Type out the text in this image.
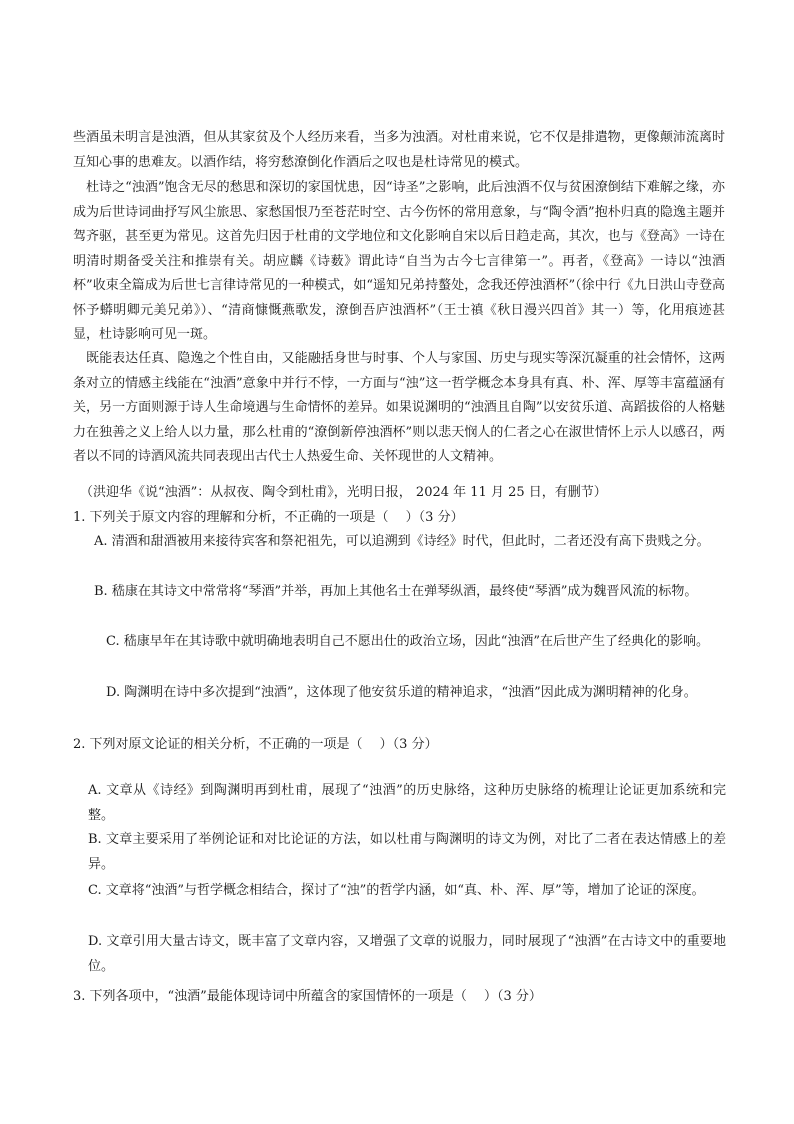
些酒虽未明言是浊酒，但从其家贫及个人经历来看，当多为浊酒。对杜甫来说，它不仅是排遣物，更像颠沛流离时互知心事的患难友。以酒作结，将穷愁潦倒化作酒后之叹也是杜诗常见的模式。

　杜诗之“浊酒”饱含无尽的愁思和深切的家国忧患，因“诗圣”之影响，此后浊酒不仅与贫困潦倒结下难解之缘，亦成为后世诗词曲抒写风尘旅思、家愁国恨乃至苍茫时空、古今伤怀的常用意象，与“陶令酒”抱朴归真的隐逸主题并驾齐驱，甚至更为常见。这首先归因于杜甫的文学地位和文化影响自宋以后日趋走高，其次，也与《登高》一诗在明清时期备受关注和推崇有关。胡应麟《诗薮》谓此诗“自当为古今七言律第一”。再者，《登高》一诗以“浊酒杯”收束全篇成为后世七言律诗常见的一种模式，如“遥知兄弟持螯处，念我还停浊酒杯”（徐中行《九日洪山寺登高怀予蟒明卿元美兄弟》）、“清商慷慨燕歌发，潦倒吾庐浊酒杯”（王士禛《秋日漫兴四首》其一）等，化用痕迹甚显，杜诗影响可见一斑。

　既能表达任真、隐逸之个性自由，又能融括身世与时事、个人与家国、历史与现实等深沉凝重的社会情怀，这两条对立的情感主线能在“浊酒”意象中并行不悖，一方面与“浊”这一哲学概念本身具有真、朴、浑、厚等丰富蕴涵有关，另一方面则源于诗人生命境遇与生命情怀的差异。如果说渊明的“浊酒且自陶”以安贫乐道、高蹈拔俗的人格魅力在独善之义上给人以力量，那么杜甫的“潦倒新停浊酒杯”则以悲天悯人的仁者之心在淑世情怀上示人以感召，两者以不同的诗酒风流共同表现出古代士人热爱生命、关怀现世的人文精神。

（洪迎华《说“浊酒”：从叔夜、陶令到杜甫》，光明日报， 2024 年 11 月 25 日，有删节）
1. 下列关于原文内容的理解和分析，不正确的一项是（　 ）（3 分）
A. 清酒和甜酒被用来接待宾客和祭祀祖先，可以追溯到《诗经》时代，但此时，二者还没有高下贵贱之分。
B. 嵇康在其诗文中常常将“琴酒”并举，再加上其他名士在弹琴纵酒，最终使“琴酒”成为魏晋风流的标物。
C. 嵇康早年在其诗歌中就明确地表明自己不愿出仕的政治立场，因此“浊酒”在后世产生了经典化的影响。
D. 陶渊明在诗中多次提到“浊酒”，这体现了他安贫乐道的精神追求，“浊酒”因此成为渊明精神的化身。
2. 下列对原文论证的相关分析，不正确的一项是（　 ）（3 分）
A. 文章从《诗经》到陶渊明再到杜甫，展现了“浊酒”的历史脉络，这种历史脉络的梳理让论证更加系统和完整。
B. 文章主要采用了举例论证和对比论证的方法，如以杜甫与陶渊明的诗文为例，对比了二者在表达情感上的差异。
C. 文章将“浊酒”与哲学概念相结合，探讨了“浊”的哲学内涵，如“真、朴、浑、厚”等，增加了论证的深度。
D. 文章引用大量古诗文，既丰富了文章内容，又增强了文章的说服力，同时展现了“浊酒”在古诗文中的重要地位。
3. 下列各项中，“浊酒”最能体现诗词中所蕴含的家国情怀的一项是（　 ）（3 分）
